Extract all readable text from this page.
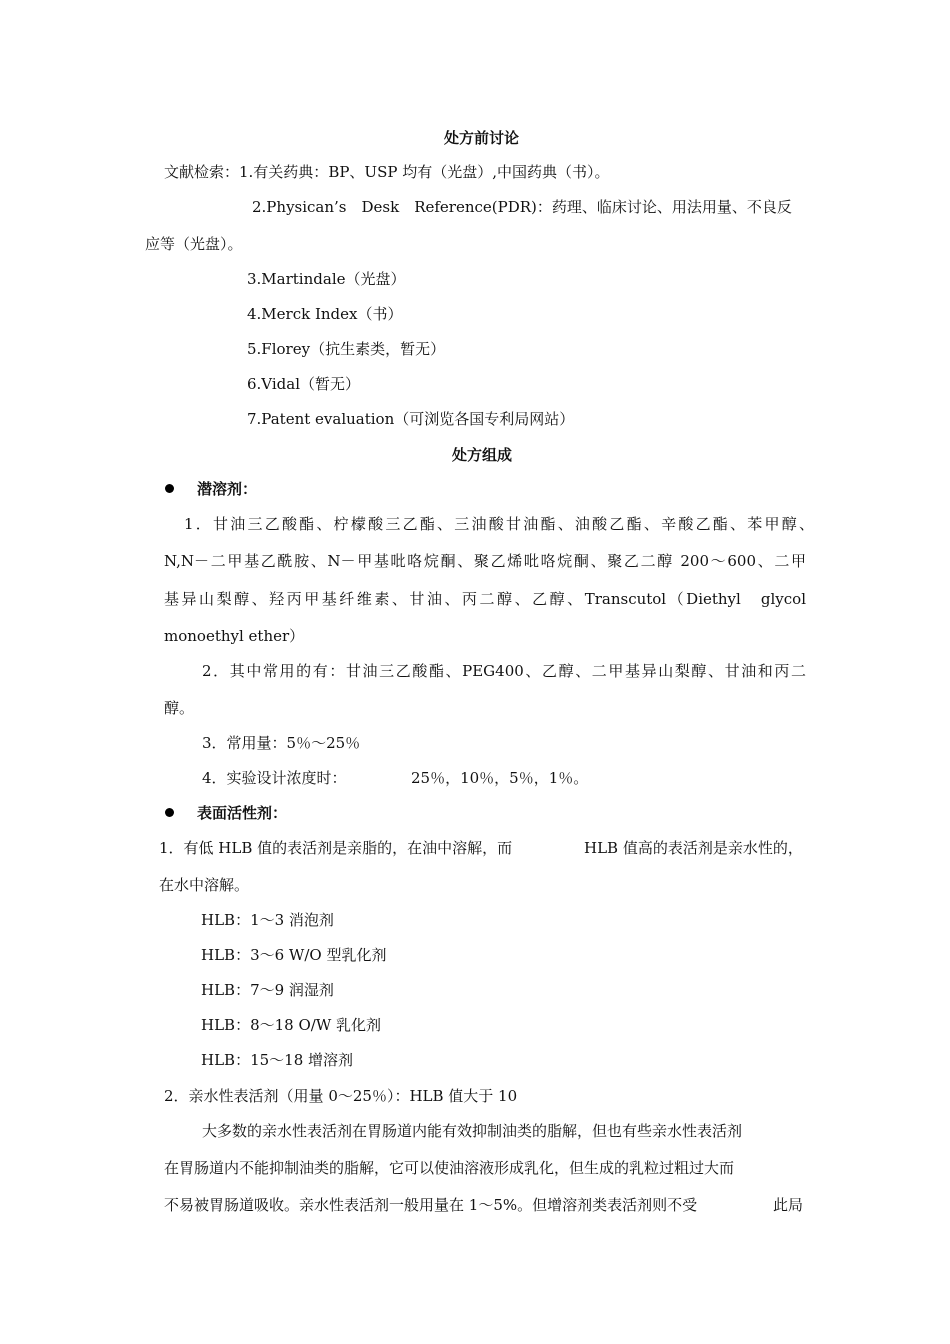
处方前讨论
文献检索：1.有关药典：BP、USP 均有（光盘）,中国药典（书）。
2.Physican’s　Desk　Reference(PDR)：药理、临床讨论、用法用量、不良反
应等（光盘）。
3.Martindale（光盘）
4.Merck Index（书）
5.Florey（抗生素类，暂无）
6.Vidal（暂无）
7.Patent evaluation（可浏览各国专利局网站）
处方组成
潜溶剂：
1．甘油三乙酸酯、柠檬酸三乙酯、三油酸甘油酯、油酸乙酯、辛酸乙酯、苯甲醇、
N,N－二甲基乙酰胺、N－甲基吡咯烷酮、聚乙烯吡咯烷酮、聚乙二醇 200～600、二甲
基异山梨醇、羟丙甲基纤维素、甘油、丙二醇、乙醇、Transcutol（Diethyl　glycol
monoethyl ether）
2．其中常用的有：甘油三乙酸酯、PEG400、乙醇、二甲基异山梨醇、甘油和丙二
醇。
3．常用量：5％～25％
4．实验设计浓度时：	25％，10％，5％，1％。
表面活性剂：
1．有低 HLB 值的表活剂是亲脂的，在油中溶解，而	HLB 值高的表活剂是亲水性的，
在水中溶解。
HLB：1～3 消泡剂
HLB：3～6 W/O 型乳化剂
HLB：7～9 润湿剂
HLB：8～18 O/W 乳化剂
HLB：15～18 增溶剂
2．亲水性表活剂（用量 0～25％）：HLB 值大于 10
大多数的亲水性表活剂在胃肠道内能有效抑制油类的脂解，但也有些亲水性表活剂
在胃肠道内不能抑制油类的脂解，它可以使油溶液形成乳化，但生成的乳粒过粗过大而
不易被胃肠道吸收。亲水性表活剂一般用量在 1～5%。但增溶剂类表活剂则不受	此局
